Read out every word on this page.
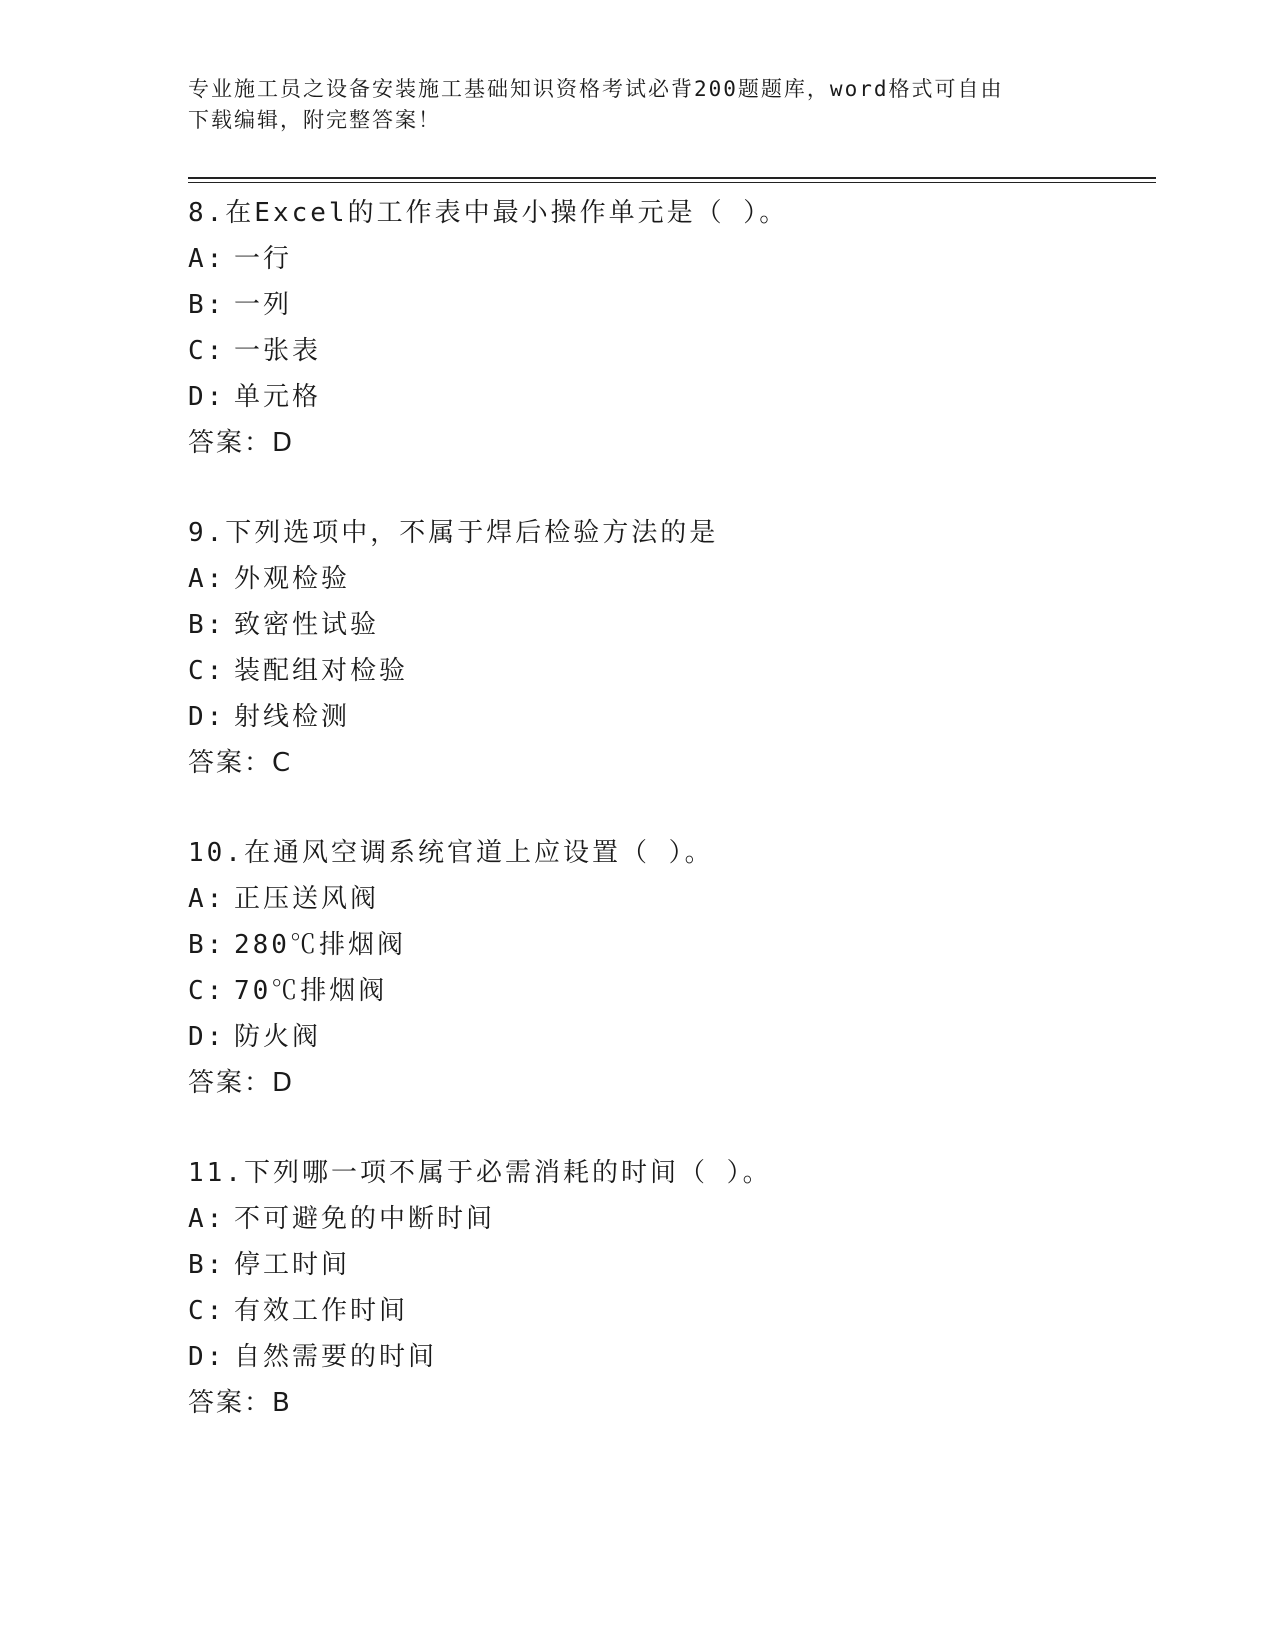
专业施工员之设备安装施工基础知识资格考试必背200题题库，word格式可自由
下载编辑，附完整答案！
8.在Excel的工作表中最小操作单元是（ ）。
A: 一行
B: 一列
C: 一张表
D: 单元格
答案：D
9.下列选项中，不属于焊后检验方法的是
A: 外观检验
B: 致密性试验
C: 装配组对检验
D: 射线检测
答案：C
10.在通风空调系统官道上应设置（ ）。
A: 正压送风阀
B: 280℃排烟阀
C: 70℃排烟阀
D: 防火阀
答案：D
11.下列哪一项不属于必需消耗的时间（ ）。
A: 不可避免的中断时间
B: 停工时间
C: 有效工作时间
D: 自然需要的时间
答案：B
